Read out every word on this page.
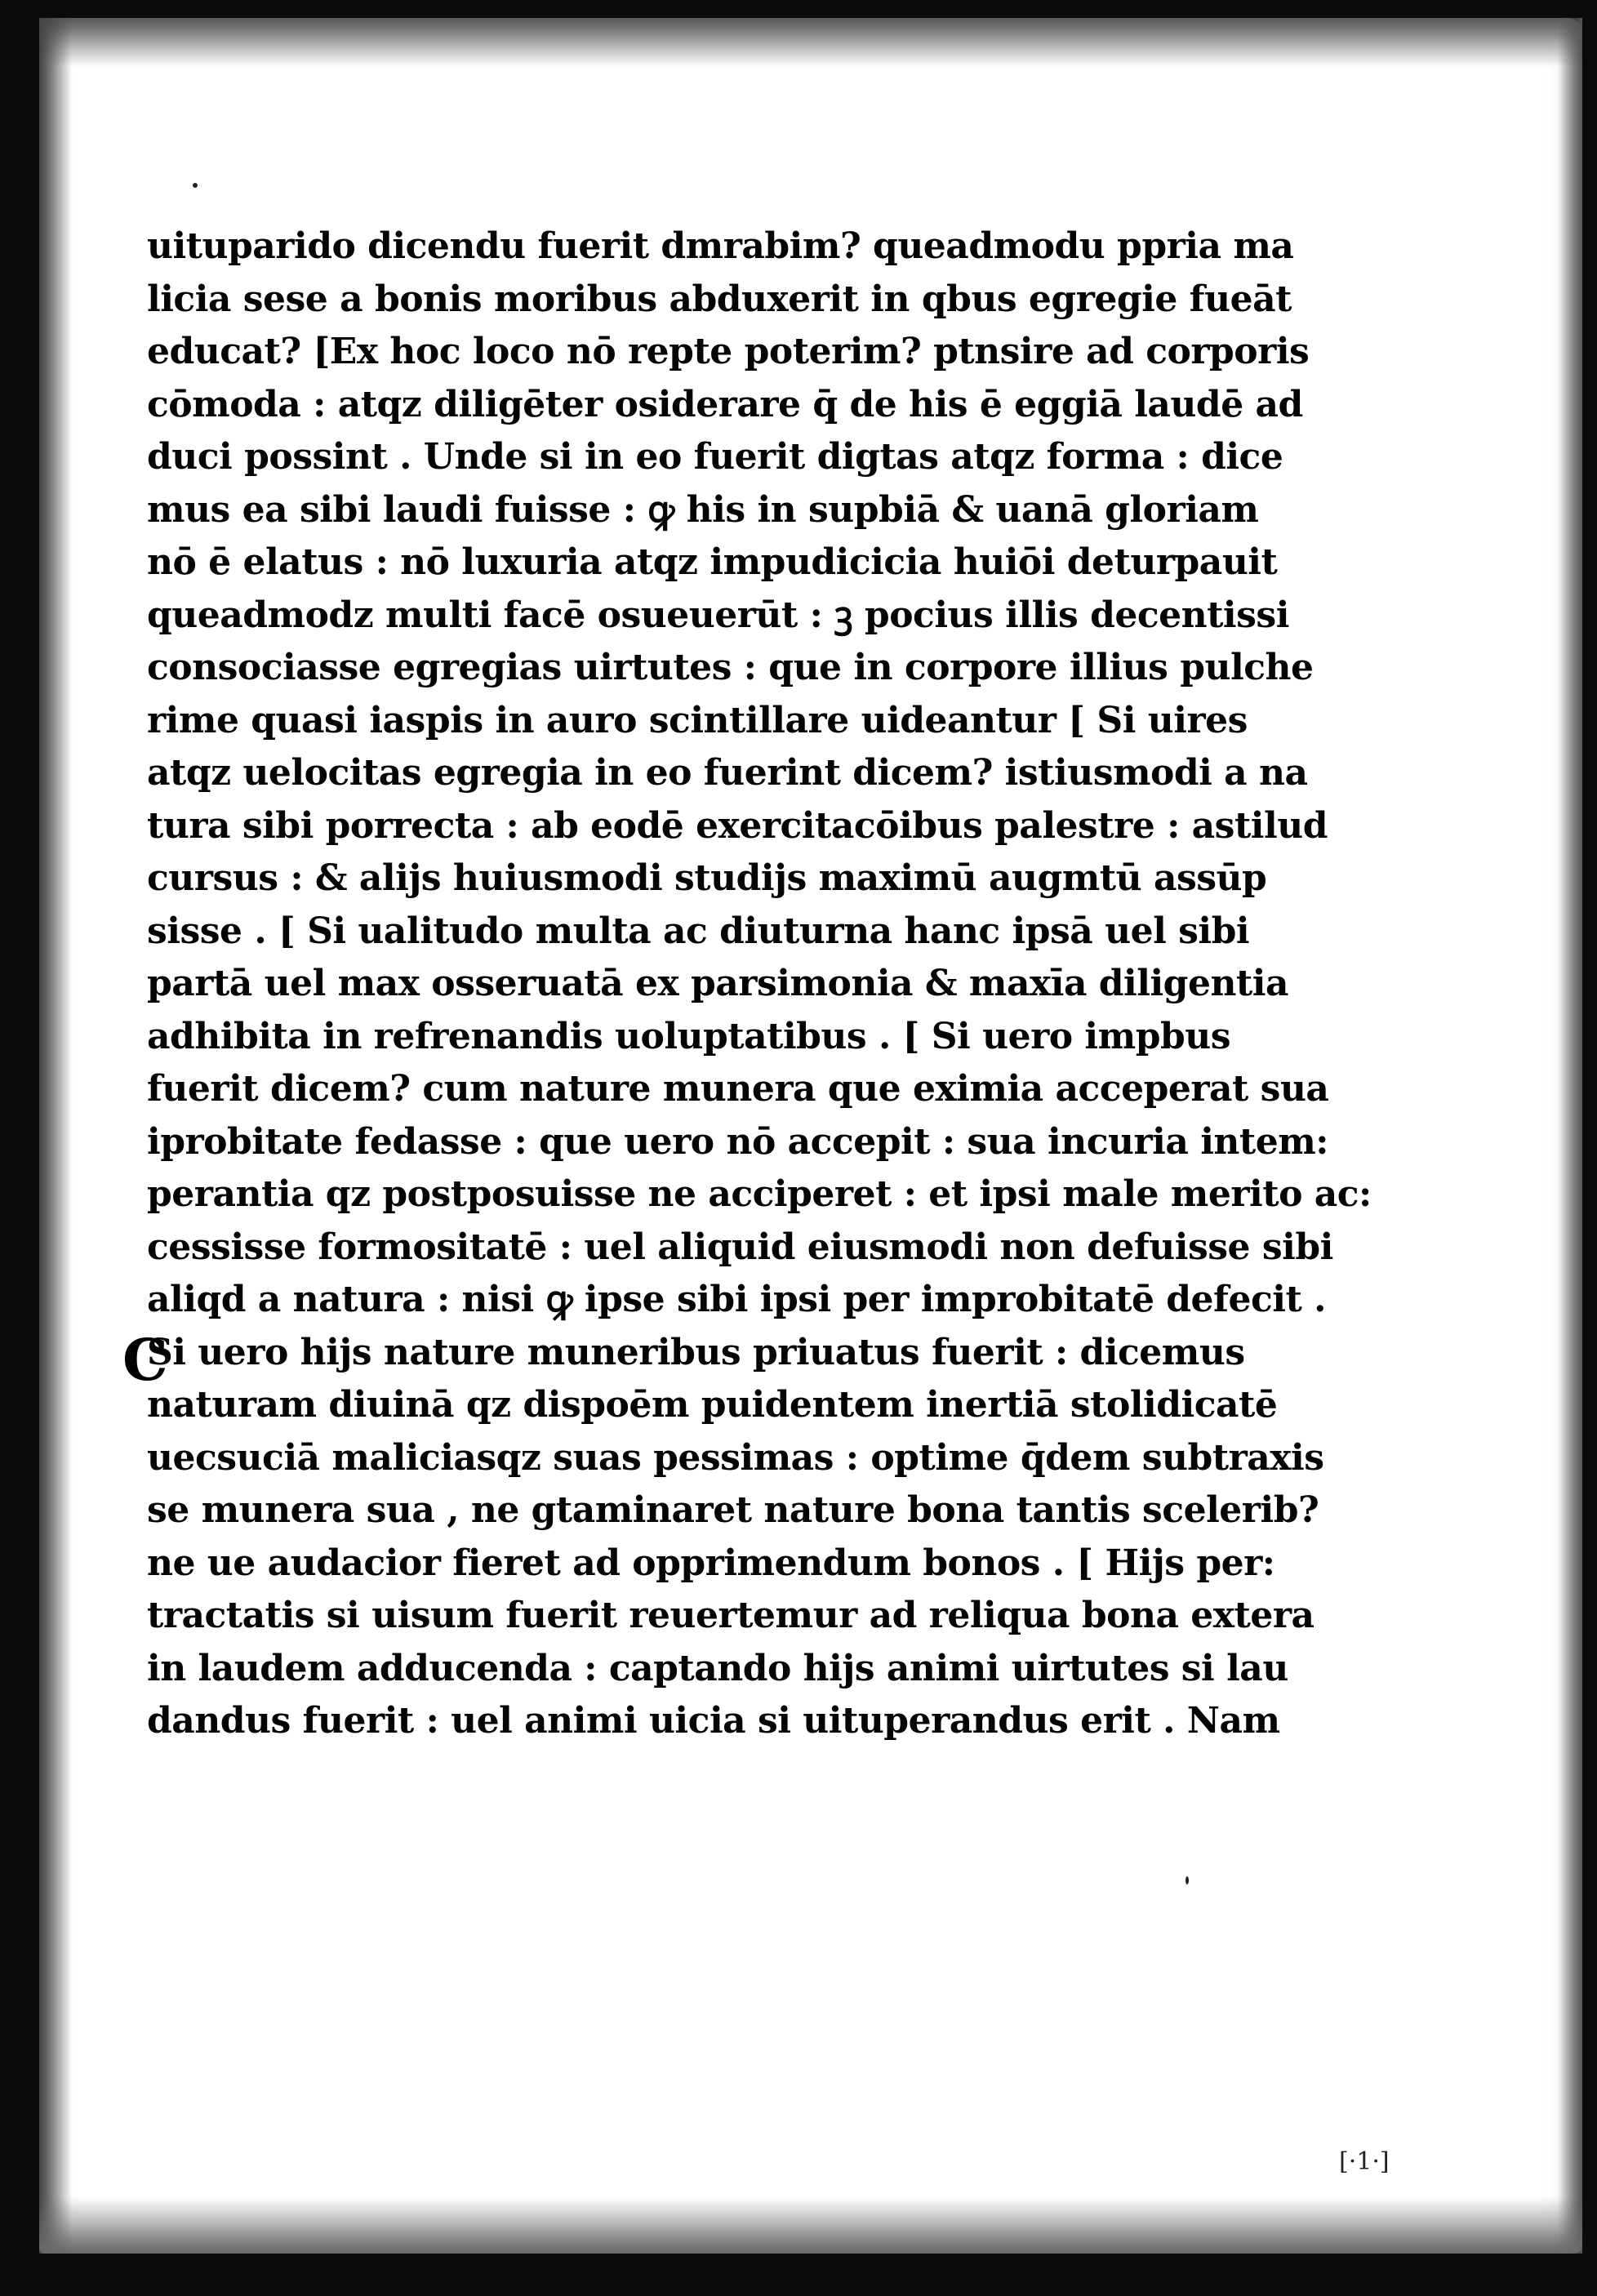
uituparido dicendu fuerit dmrabim? queadmodu ppria ma
licia sese a bonis moribus abduxerit in qbus egregie fueāt
educat? [Ex hoc loco nō repte poterim? ptnsire ad corporis
cōmoda : atqz diligēter osiderare q̄ de his ē eggiā laudē ad
duci possint . Unde si in eo fuerit digtas atqz forma : dice
mus ea sibi laudi fuisse : ꝙ his in supbiā & uanā gloriam
nō ē elatus : nō luxuria atqz impudicicia huiōi deturpauit
queadmodz multi facē osueuerūt : ꝫ pocius illis decentissi
consociasse egregias uirtutes : que in corpore illius pulche
rime quasi iaspis in auro scintillare uideantur [ Si uires
atqz uelocitas egregia in eo fuerint dicem? istiusmodi a na
tura sibi porrecta : ab eodē exercitacōibus palestre : astilud
cursus : & alijs huiusmodi studijs maximū augmtū assūp
sisse . [ Si ualitudo multa ac diuturna hanc ipsā uel sibi
partā uel max osseruatā ex parsimonia & maxīa diligentia
adhibita in refrenandis uoluptatibus . [ Si uero impbus
fuerit dicem? cum nature munera que eximia acceperat sua
iprobitate fedasse : que uero nō accepit : sua incuria intem:
perantia qz postposuisse ne acciperet : et ipsi male merito ac:
cessisse formositatē : uel aliquid eiusmodi non defuisse sibi
aliqd a natura : nisi ꝙ ipse sibi ipsi per improbitatē defecit .
Si uero hijs nature muneribus priuatus fuerit : dicemus
naturam diuinā qz dispoēm puidentem inertiā stolidicatē
uecsuciā maliciasqz suas pessimas : optime q̄dem subtraxis
se munera sua , ne gtaminaret nature bona tantis scelerib?
ne ue audacior fieret ad opprimendum bonos . [ Hijs per:
tractatis si uisum fuerit reuertemur ad reliqua bona extera
in laudem adducenda : captando hijs animi uirtutes si lau
dandus fuerit : uel animi uicia si uituperandus erit . Nam
C
[·1·]
